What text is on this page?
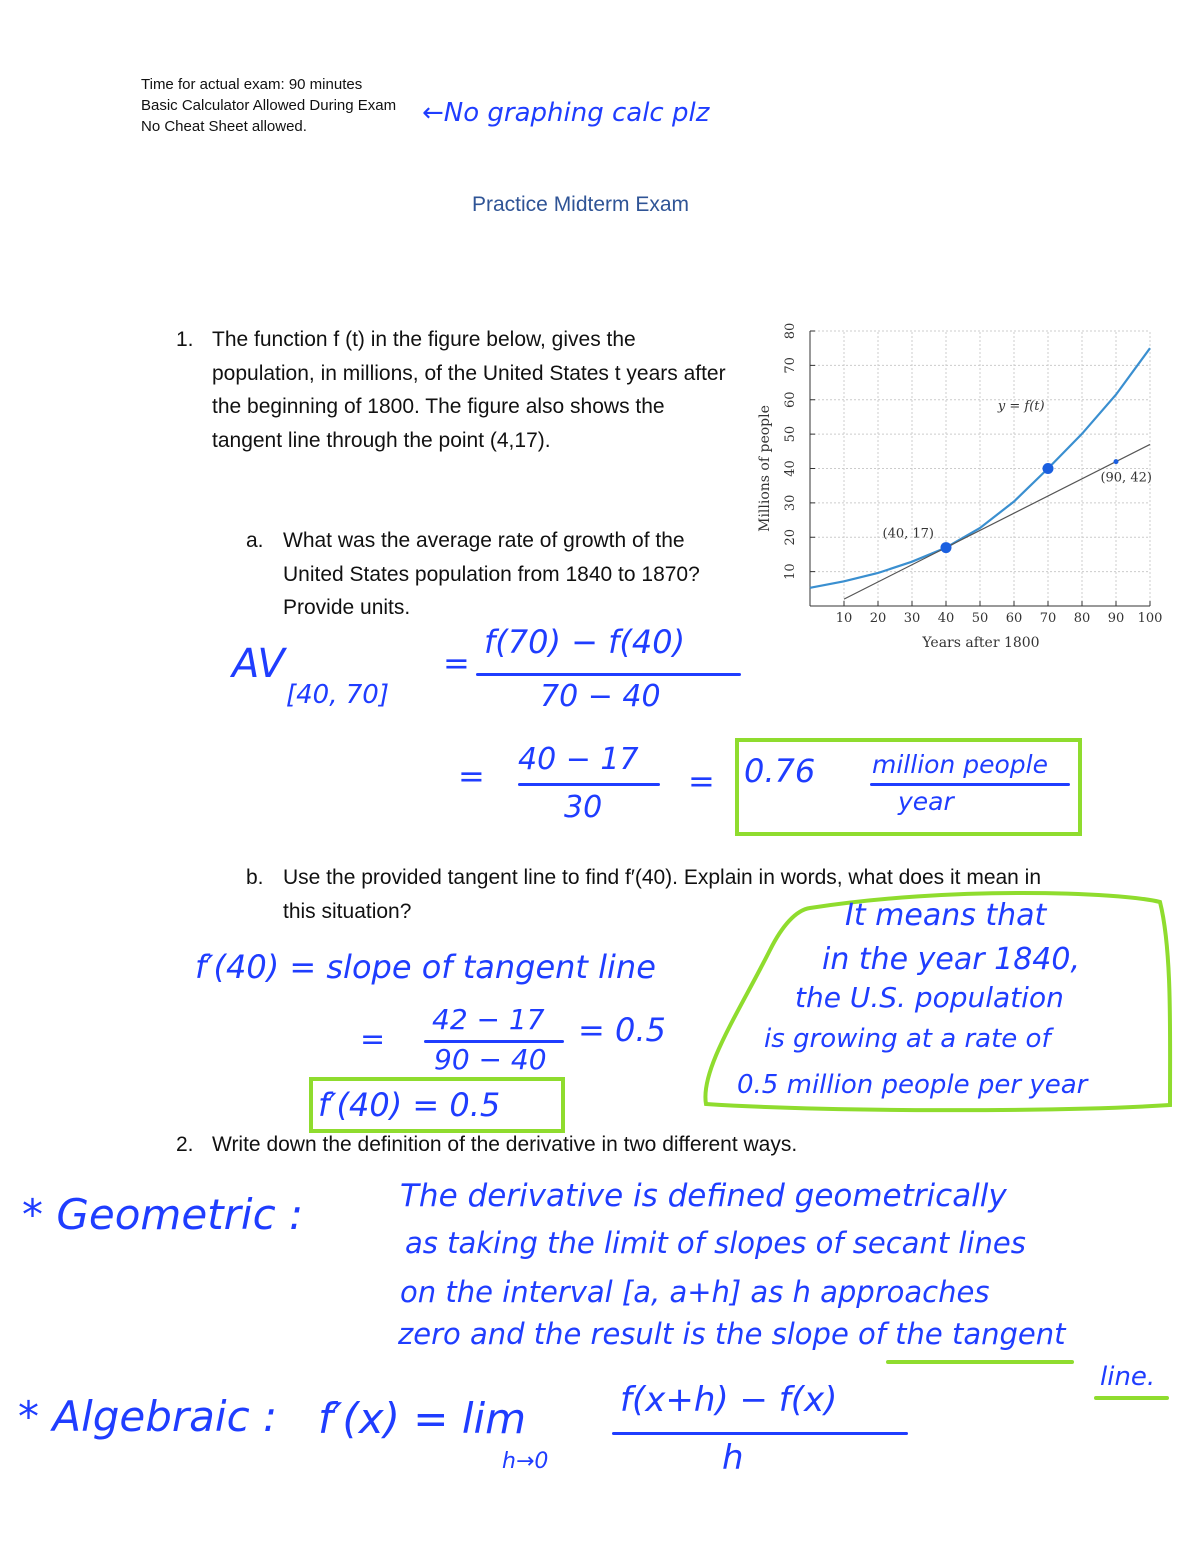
Time for actual exam: 90 minutes
Basic Calculator Allowed During Exam
No Cheat Sheet allowed.	←No graphing calc plz
Practice Midterm Exam
1. The function f (t) in the figure below, gives the population, in millions, of the United States t years after the beginning of 1800. The figure also shows the tangent line through the point (4,17).
a. What was the average rate of growth of the United States population from 1840 to 1870? Provide units.
Millions of people
Years after 1800
10 20 30 40 50 60 70 80 90 100
10
20
30
40
50
60
70
80
(40, 17)
(90, 42)
y = f(t)
AV
[40, 70]
=
f(70) − f(40)
70 − 40
= 40 − 17
30
= 0.76 million people
year
b. Use the provided tangent line to find f′(40). Explain in words, what does it mean in this situation?
f′(40) = slope of tangent line
=
42 − 17
90 − 40
= 0.5
f′(40) = 0.5
It means that
in the year 1840,
the U.S. population
is growing at a rate of
0.5 million people per year
2. Write down the definition of the derivative in two different ways.
* Geometric :	The derivative is defined geometrically
as taking the limit of slopes of secant lines
on the interval [a, a+h] as h approaches
zero and the result is the slope of the tangent
line.
* Algebraic : f′(x) = lim
h→0
f(x+h) − f(x)
h
